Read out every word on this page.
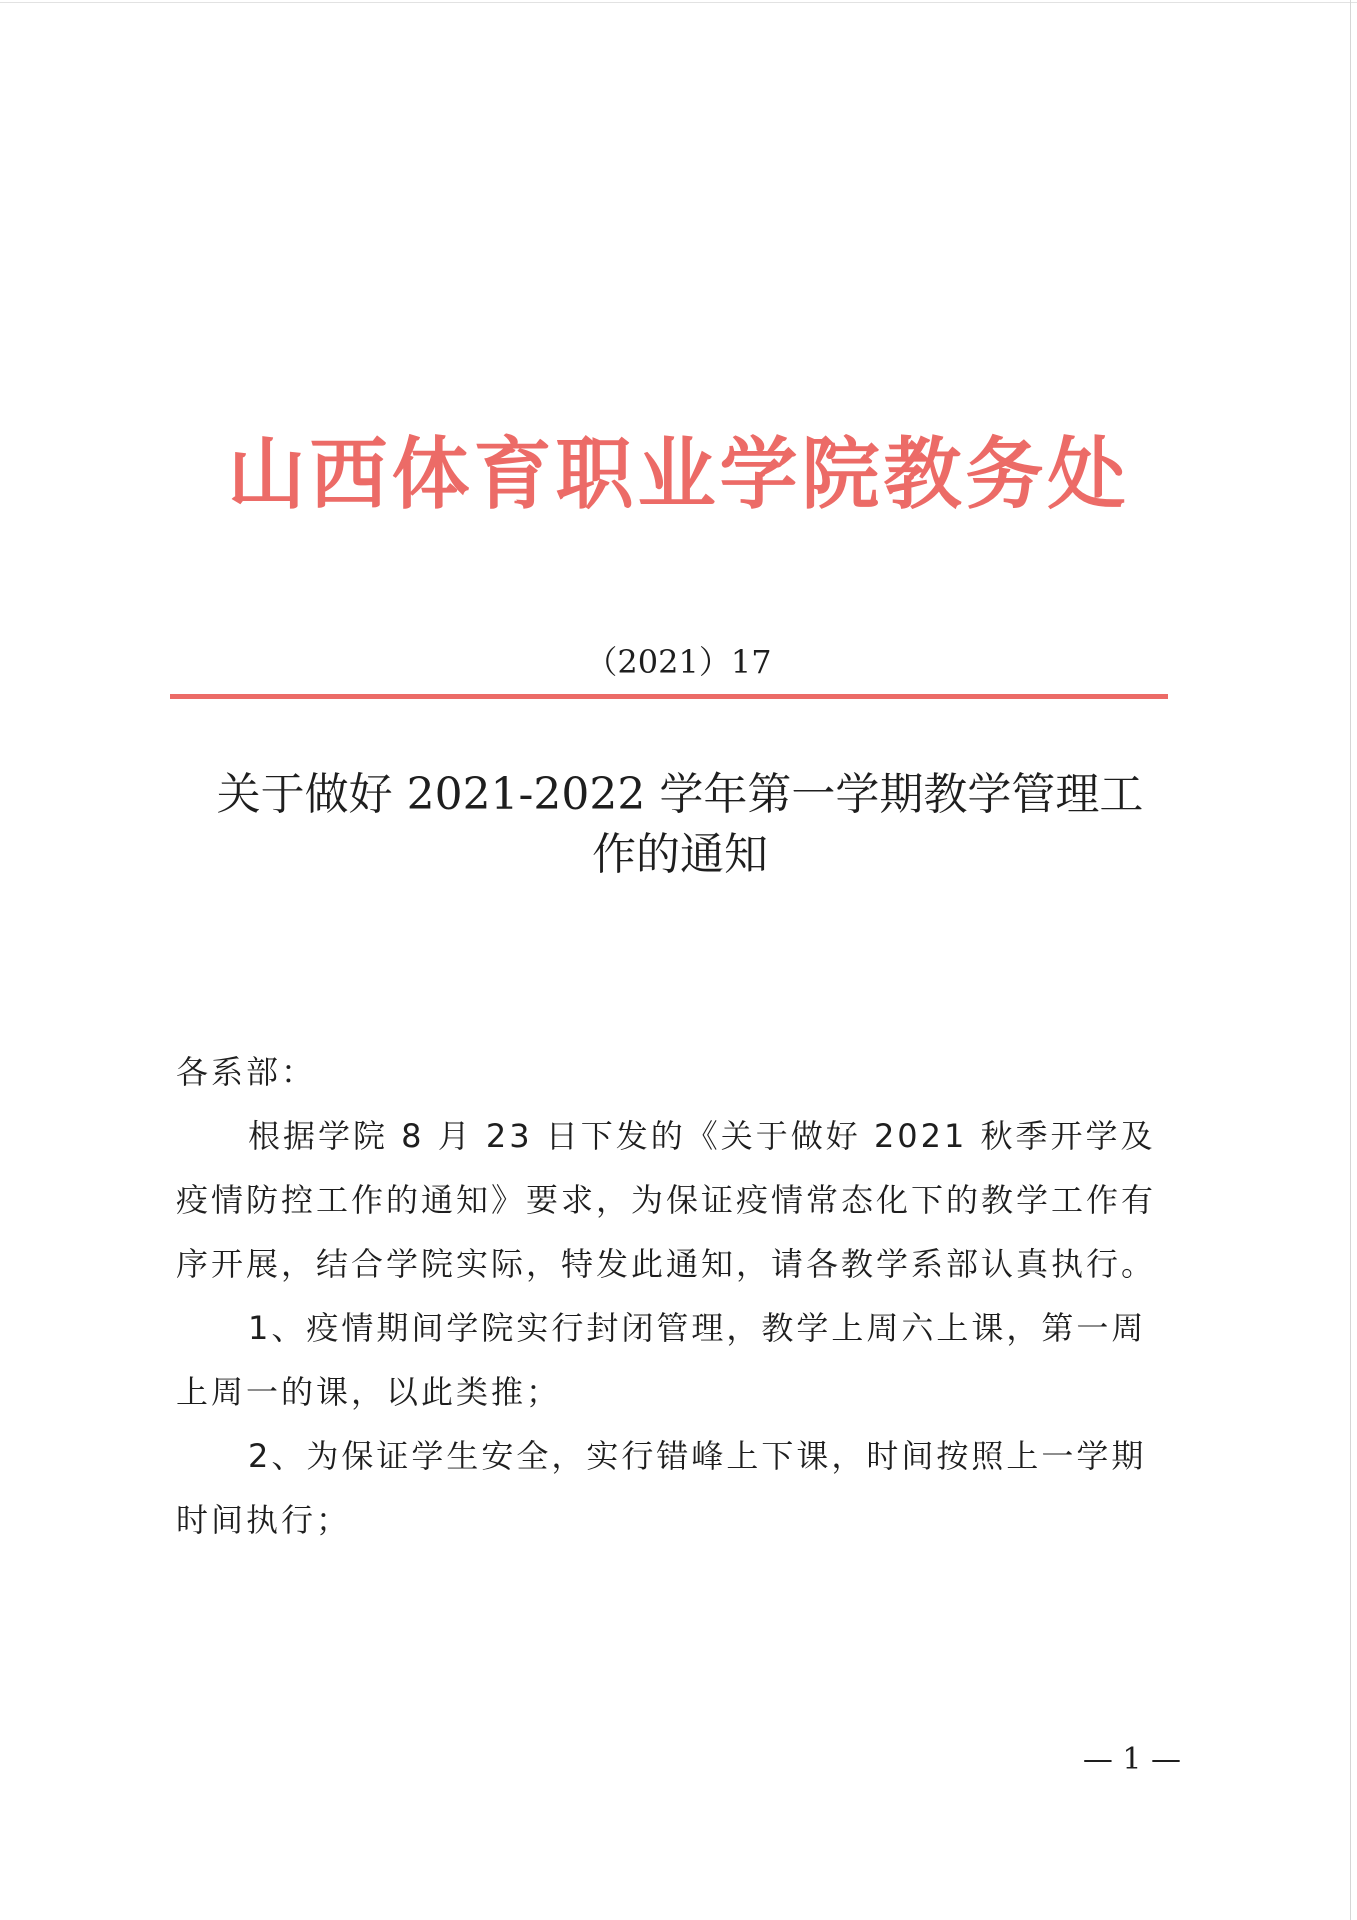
山西体育职业学院教务处
（2021）17
关于做好 2021-2022 学年第一学期教学管理工
作的通知

各系部：

根据学院 8 月 23 日下发的《关于做好 2021 秋季开学及疫情防控工作的通知》要求，为保证疫情常态化下的教学工作有序开展，结合学院实际，特发此通知，请各教学系部认真执行。

1、疫情期间学院实行封闭管理，教学上周六上课，第一周上周一的课，以此类推；

2、为保证学生安全，实行错峰上下课，时间按照上一学期时间执行；

— 1 —
